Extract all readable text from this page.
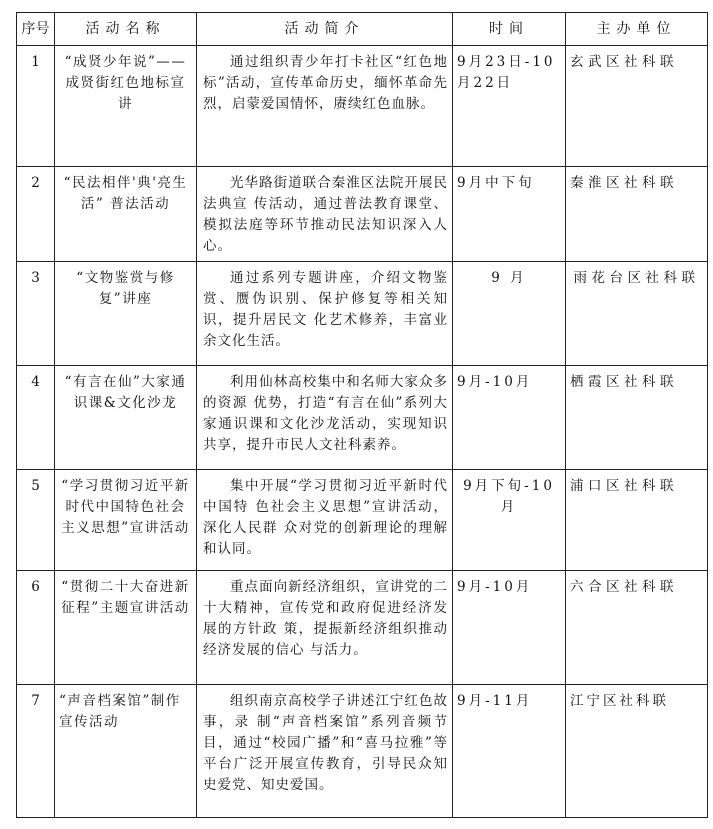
序号	活动名称	活动简介	时间	主办单位
1	“成贤少年说”——成贤街红色地标宣讲	通过组织青少年打卡社区“红色地标”活动，宣传革命历史，缅怀革命先烈，启蒙爱国情怀，赓续红色血脉。	9月23日-10月22日	玄武区社科联
2	“民法相伴'典'亮生活” 普法活动	光华路街道联合秦淮区法院开展民法典宣 传活动，通过普法教育课堂、模拟法庭等环节推动民法知识深入人心。	9月中下旬	秦淮区社科联
3	“文物鉴赏与修复”讲座	通过系列专题讲座，介绍文物鉴赏、赝伪识别、保护修复等相关知识，提升居民文 化艺术修养，丰富业余文化生活。	9 月	雨花台区社科联
4	“有言在仙”大家通识课&文化沙龙	利用仙林高校集中和名师大家众多的资源 优势，打造“有言在仙”系列大家通识课和文化沙龙活动，实现知识共享，提升市民人文社科素养。	9月-10月	栖霞区社科联
5	“学习贯彻习近平新时代中国特色社会主义思想”宣讲活动	集中开展“学习贯彻习近平新时代中国特 色社会主义思想”宣讲活动，深化人民群 众对党的创新理论的理解和认同。	9月下旬-10月	浦口区社科联
6	“贯彻二十大奋进新征程”主题宣讲活动	重点面向新经济组织，宣讲党的二十大精神，宣传党和政府促进经济发展的方针政 策，提振新经济组织推动经济发展的信心 与活力。	9月-10月	六合区社科联
7	“声音档案馆”制作宣传活动	组织南京高校学子讲述江宁红色故事，录 制“声音档案馆”系列音频节目，通过“校园广播”和“喜马拉雅”等平台广泛开展宣传教育，引导民众知史爱党、知史爱国。	9月-11月	江宁区社科联
